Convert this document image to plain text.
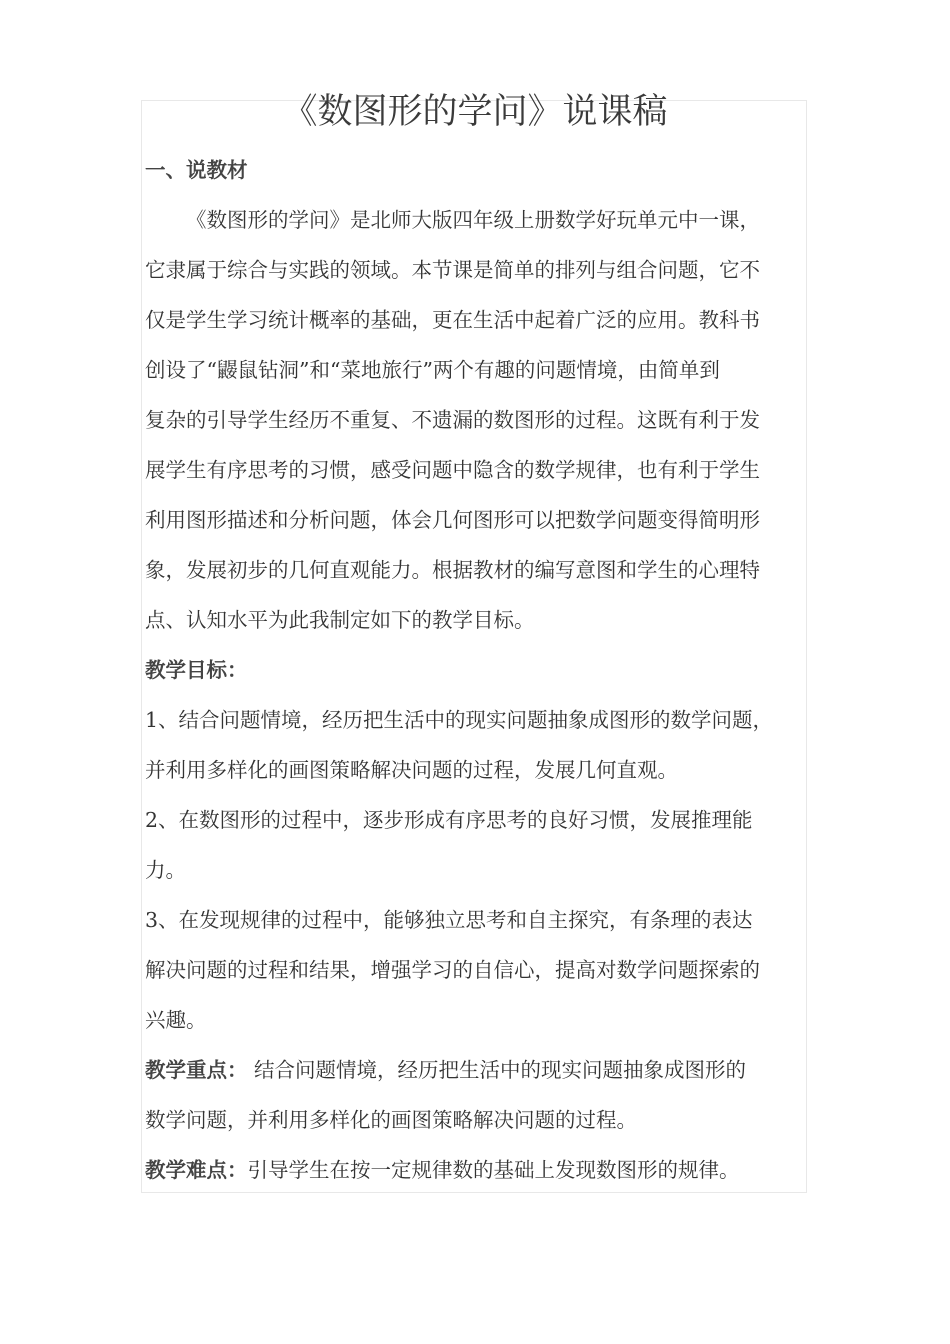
《数图形的学问》说课稿

一、说教材

《数图形的学问》是北师大版四年级上册数学好玩单元中一课，

它隶属于综合与实践的领域。本节课是简单的排列与组合问题，它不

仅是学生学习统计概率的基础，更在生活中起着广泛的应用。教科书

创设了“鼹鼠钻洞”和“菜地旅行”两个有趣的问题情境，由简单到

复杂的引导学生经历不重复、不遗漏的数图形的过程。这既有利于发

展学生有序思考的习惯，感受问题中隐含的数学规律，也有利于学生

利用图形描述和分析问题，体会几何图形可以把数学问题变得简明形

象，发展初步的几何直观能力。根据教材的编写意图和学生的心理特

点、认知水平为此我制定如下的教学目标。

教学目标：

1、结合问题情境，经历把生活中的现实问题抽象成图形的数学问题，

并利用多样化的画图策略解决问题的过程，发展几何直观。

2、在数图形的过程中，逐步形成有序思考的良好习惯，发展推理能

力。

3、在发现规律的过程中，能够独立思考和自主探究，有条理的表达

解决问题的过程和结果，增强学习的自信心，提高对数学问题探索的

兴趣。

教学重点： 结合问题情境，经历把生活中的现实问题抽象成图形的

数学问题，并利用多样化的画图策略解决问题的过程。

教学难点：引导学生在按一定规律数的基础上发现数图形的规律。
